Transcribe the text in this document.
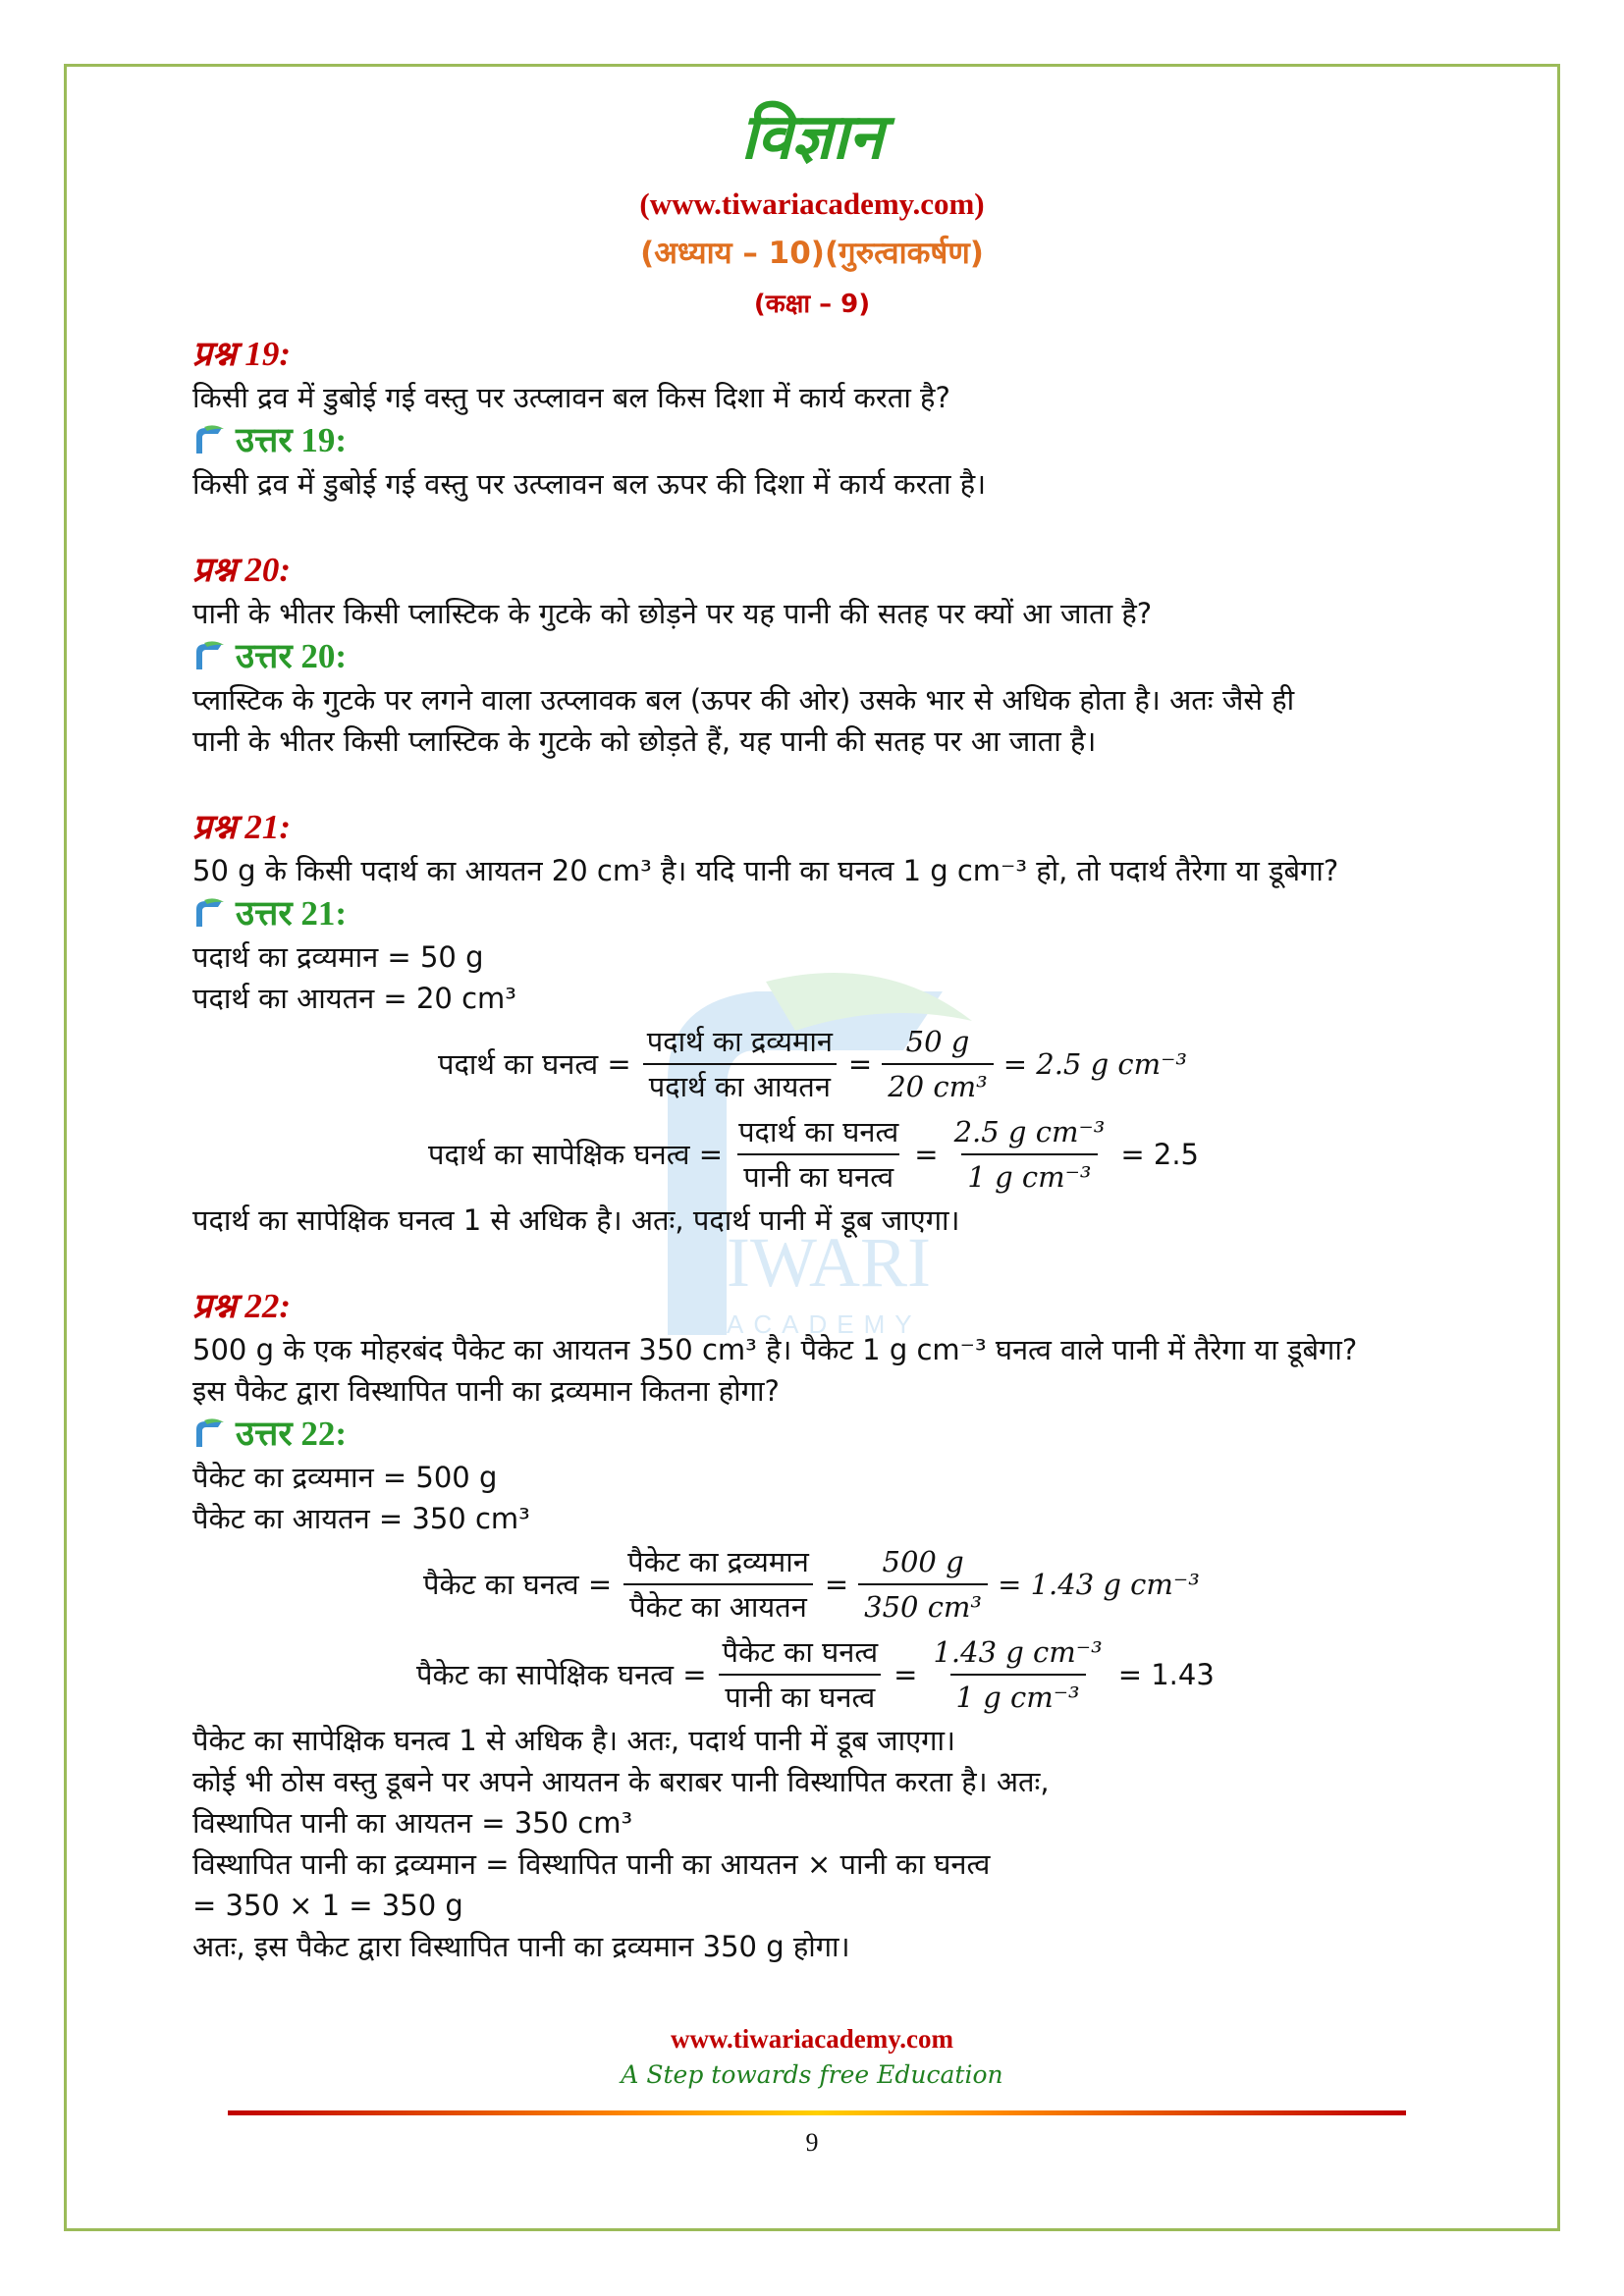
IWARI
ACADEMY
विज्ञान
(www.tiwariacademy.com)
(अध्याय – 10)(गुरुत्वाकर्षण)
(कक्षा – 9)
प्रश्न 19:
किसी द्रव में डुबोई गई वस्तु पर उत्प्लावन बल किस दिशा में कार्य करता है?
उत्तर 19:
किसी द्रव में डुबोई गई वस्तु पर उत्प्लावन बल ऊपर की दिशा में कार्य करता है।
प्रश्न 20:
पानी के भीतर किसी प्लास्टिक के गुटके को छोड़ने पर यह पानी की सतह पर क्यों आ जाता है?
उत्तर 20:
प्लास्टिक के गुटके पर लगने वाला उत्प्लावक बल (ऊपर की ओर) उसके भार से अधिक होता है। अतः जैसे ही
पानी के भीतर किसी प्लास्टिक के गुटके को छोड़ते हैं, यह पानी की सतह पर आ जाता है।
प्रश्न 21:
50 g के किसी पदार्थ का आयतन 20 cm³ है। यदि पानी का घनत्व 1 g cm⁻³ हो, तो पदार्थ तैरेगा या डूबेगा?
उत्तर 21:
पदार्थ का द्रव्यमान = 50 g
पदार्थ का आयतन = 20 cm³
पदार्थ का घनत्व = $\frac{\text{पदार्थ का द्रव्यमान}}{\text{पदार्थ का आयतन}} = \frac{50 g}{\text{20 cm³}} = 2.5$ g cm⁻³
पदार्थ का सापेक्षिक घनत्व = $\frac{\text{पदार्थ का घनत्व}}{\text{पानी का घनत्व}} = \frac{\text{2.5 g cm⁻³}}{\text{1 g cm⁻³}} = 2.5$
पदार्थ का सापेक्षिक घनत्व 1 से अधिक है। अतः, पदार्थ पानी में डूब जाएगा।
प्रश्न 22:
500 g के एक मोहरबंद पैकेट का आयतन 350 cm³ है। पैकेट 1 g cm⁻³ घनत्व वाले पानी में तैरेगा या डूबेगा?
इस पैकेट द्वारा विस्थापित पानी का द्रव्यमान कितना होगा?
उत्तर 22:
पैकेट का द्रव्यमान = 500 g
पैकेट का आयतन = 350 cm³
पैकेट का घनत्व = $\frac{\text{पैकेट का द्रव्यमान}}{\text{पैकेट का आयतन}} = \frac{500 g}{\text{350 cm³}} = 1.43$ g cm⁻³
पैकेट का सापेक्षिक घनत्व = $\frac{\text{पैकेट का घनत्व}}{\text{पानी का घनत्व}} = \frac{\text{1.43 g cm⁻³}}{\text{1 g cm⁻³}} = 1.43$
पैकेट का सापेक्षिक घनत्व 1 से अधिक है। अतः, पदार्थ पानी में डूब जाएगा।
कोई भी ठोस वस्तु डूबने पर अपने आयतन के बराबर पानी विस्थापित करता है। अतः,
विस्थापित पानी का आयतन = 350 cm³
विस्थापित पानी का द्रव्यमान = विस्थापित पानी का आयतन × पानी का घनत्व
= 350 × 1 = 350 g
अतः, इस पैकेट द्वारा विस्थापित पानी का द्रव्यमान 350 g होगा।
www.tiwariacademy.com
A Step towards free Education
9
